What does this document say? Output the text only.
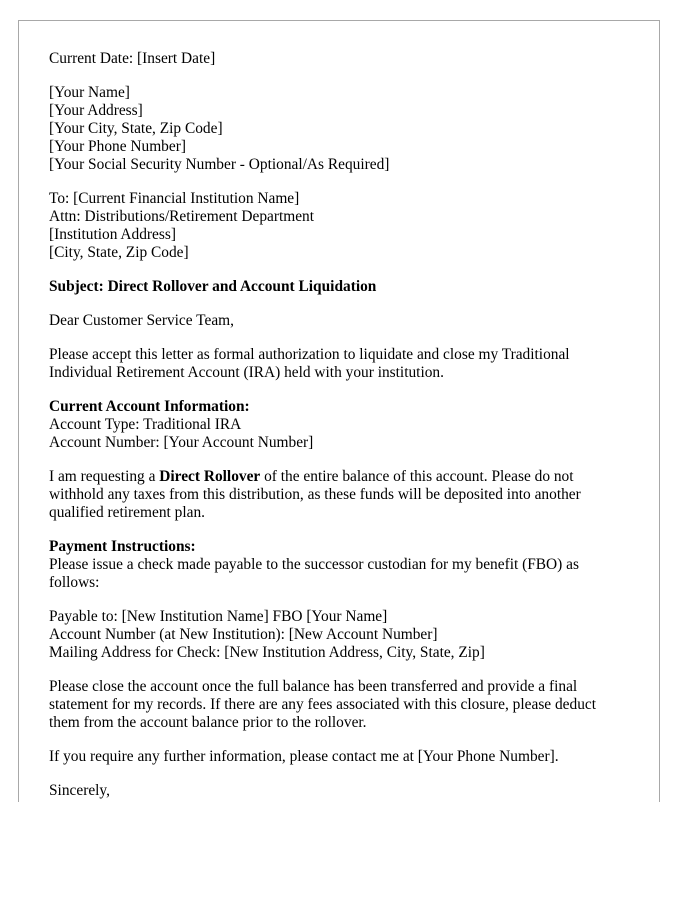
Current Date: [Insert Date]
[Your Name]
[Your Address]
[Your City, State, Zip Code]
[Your Phone Number]
[Your Social Security Number - Optional/As Required]
To: [Current Financial Institution Name]
Attn: Distributions/Retirement Department
[Institution Address]
[City, State, Zip Code]
Subject: Direct Rollover and Account Liquidation
Dear Customer Service Team,
Please accept this letter as formal authorization to liquidate and close my Traditional Individual Retirement Account (IRA) held with your institution.
Current Account Information:
Account Type: Traditional IRA
Account Number: [Your Account Number]
I am requesting a Direct Rollover of the entire balance of this account. Please do not withhold any taxes from this distribution, as these funds will be deposited into another qualified retirement plan.
Payment Instructions:
Please issue a check made payable to the successor custodian for my benefit (FBO) as follows:
Payable to: [New Institution Name] FBO [Your Name]
Account Number (at New Institution): [New Account Number]
Mailing Address for Check: [New Institution Address, City, State, Zip]
Please close the account once the full balance has been transferred and provide a final statement for my records. If there are any fees associated with this closure, please deduct them from the account balance prior to the rollover.
If you require any further information, please contact me at [Your Phone Number].
Sincerely,
